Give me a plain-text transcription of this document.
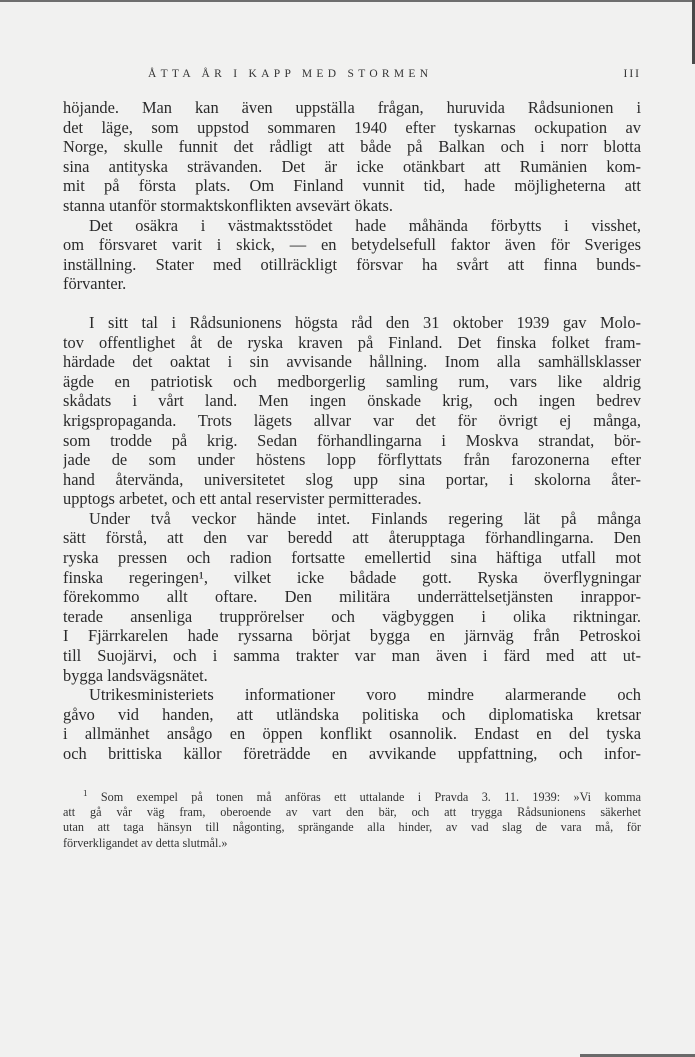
ÅTTA ÅR I KAPP MED STORMEN	III

höjande. Man kan även uppställa frågan, huruvida Rådsunionen i
det läge, som uppstod sommaren 1940 efter tyskarnas ockupation av
Norge, skulle funnit det rådligt att både på Balkan och i norr blotta
sina antityska strävanden. Det är icke otänkbart att Rumänien kom-
mit på första plats. Om Finland vunnit tid, hade möjligheterna att
stanna utanför stormaktskonflikten avsevärt ökats.

Det osäkra i västmaktsstödet hade måhända förbytts i visshet,
om försvaret varit i skick, — en betydelsefull faktor även för Sveriges
inställning. Stater med otillräckligt försvar ha svårt att finna bunds-
förvanter.

I sitt tal i Rådsunionens högsta råd den 31 oktober 1939 gav Molo-
tov offentlighet åt de ryska kraven på Finland. Det finska folket fram-
härdade det oaktat i sin avvisande hållning. Inom alla samhällsklasser
ägde en patriotisk och medborgerlig samling rum, vars like aldrig
skådats i vårt land. Men ingen önskade krig, och ingen bedrev
krigspropaganda. Trots lägets allvar var det för övrigt ej många,
som trodde på krig. Sedan förhandlingarna i Moskva strandat, bör-
jade de som under höstens lopp förflyttats från farozonerna efter
hand återvända, universitetet slog upp sina portar, i skolorna åter-
upptogs arbetet, och ett antal reservister permitterades.

Under två veckor hände intet. Finlands regering lät på många
sätt förstå, att den var beredd att återupptaga förhandlingarna. Den
ryska pressen och radion fortsatte emellertid sina häftiga utfall mot
finska regeringen¹, vilket icke bådade gott. Ryska överflygningar
förekommo allt oftare. Den militära underrättelsetjänsten inrappor-
terade ansenliga trupprörelser och vägbyggen i olika riktningar.
I Fjärrkarelen hade ryssarna börjat bygga en järnväg från Petroskoi
till Suojärvi, och i samma trakter var man även i färd med att ut-
bygga landsvägsnätet.

Utrikesministeriets informationer voro mindre alarmerande och
gåvo vid handen, att utländska politiska och diplomatiska kretsar
i allmänhet ansågo en öppen konflikt osannolik. Endast en del tyska
och brittiska källor företrädde en avvikande uppfattning, och infor-

$^1$ Som exempel på tonen må anföras ett uttalande i Pravda 3. 11. 1939: »Vi komma
att gå vår väg fram, oberoende av vart den bär, och att trygga Rådsunionens säkerhet
utan att taga hänsyn till någonting, sprängande alla hinder, av vad slag de vara må, för
förverkligandet av detta slutmål.»
